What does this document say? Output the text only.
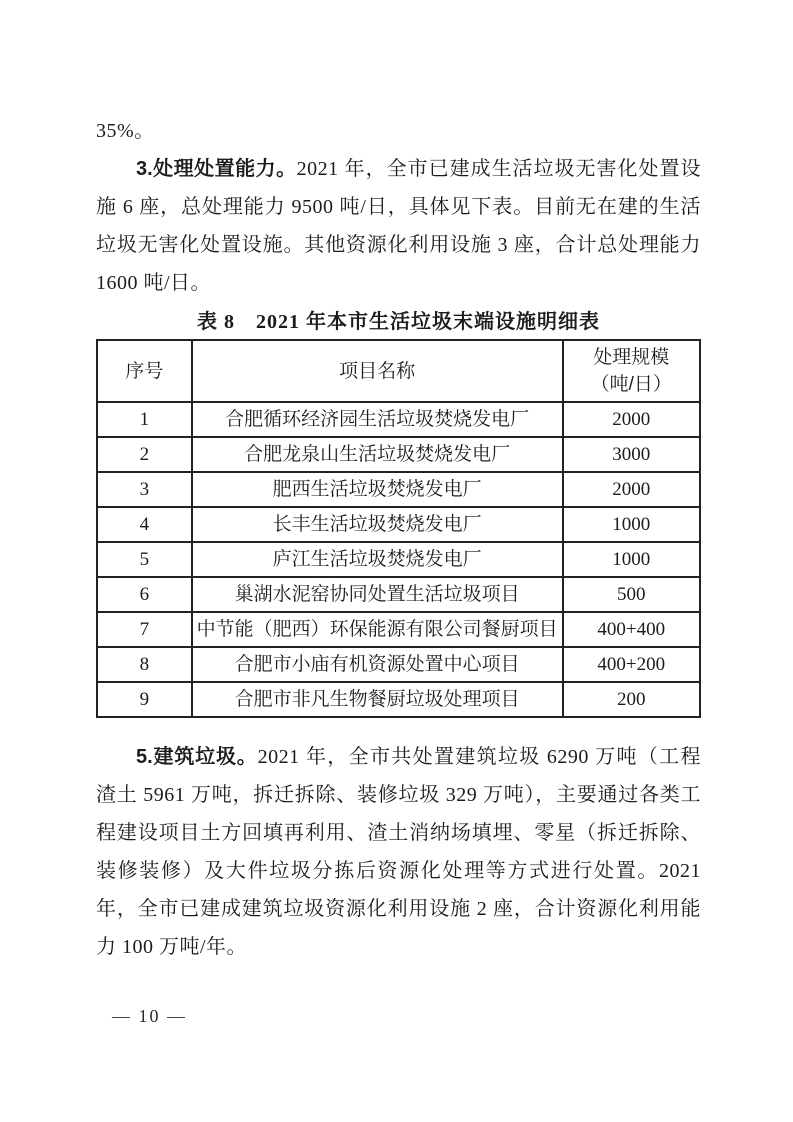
35%。

3.处理处置能力。2021 年，全市已建成生活垃圾无害化处置设施 6 座，总处理能力 9500 吨/日，具体见下表。目前无在建的生活垃圾无害化处置设施。其他资源化利用设施 3 座，合计总处理能力 1600 吨/日。

表 8　2021 年本市生活垃圾末端设施明细表
序号	项目名称	处理规模
（吨/日）

1	合肥循环经济园生活垃圾焚烧发电厂	2000
2	合肥龙泉山生活垃圾焚烧发电厂	3000
3	肥西生活垃圾焚烧发电厂	2000
4	长丰生活垃圾焚烧发电厂	1000
5	庐江生活垃圾焚烧发电厂	1000
6	巢湖水泥窑协同处置生活垃圾项目	500
7	中节能（肥西）环保能源有限公司餐厨项目	400+400
8	合肥市小庙有机资源处置中心项目	400+200
9	合肥市非凡生物餐厨垃圾处理项目	200

5.建筑垃圾。2021 年，全市共处置建筑垃圾 6290 万吨（工程渣土 5961 万吨，拆迁拆除、装修垃圾 329 万吨），主要通过各类工程建设项目土方回填再利用、渣土消纳场填埋、零星（拆迁拆除、装修装修）及大件垃圾分拣后资源化处理等方式进行处置。2021 年，全市已建成建筑垃圾资源化利用设施 2 座，合计资源化利用能力 100 万吨/年。

— 10 —
